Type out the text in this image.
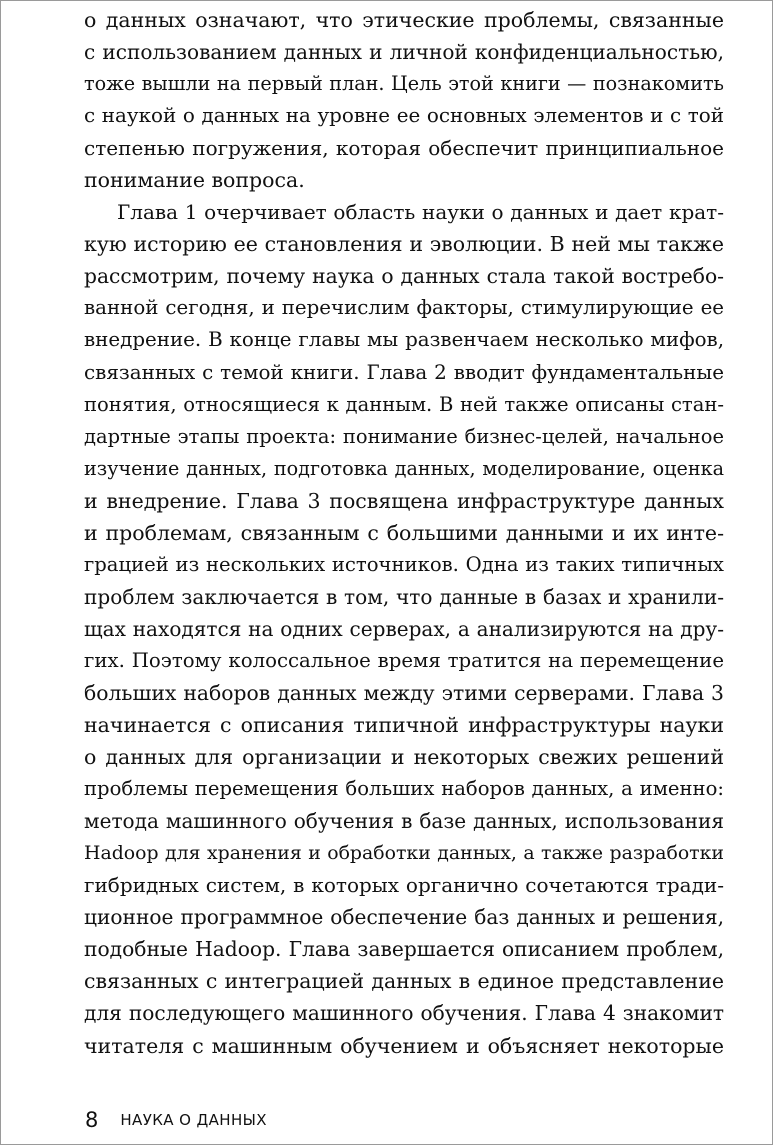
о данных означают, что этические проблемы, связанные
с использованием данных и личной конфиденциальностью,
тоже вышли на первый план. Цель этой книги — познакомить
с наукой о данных на уровне ее основных элементов и с той
степенью погружения, которая обеспечит принципиальное
понимание вопроса.
Глава 1 очерчивает область науки о данных и дает крат-
кую историю ее становления и эволюции. В ней мы также
рассмотрим, почему наука о данных стала такой востребо-
ванной сегодня, и перечислим факторы, стимулирующие ее
внедрение. В конце главы мы развенчаем несколько мифов,
связанных с темой книги. Глава 2 вводит фундаментальные
понятия, относящиеся к данным. В ней также описаны стан-
дартные этапы проекта: понимание бизнес-целей, начальное
изучение данных, подготовка данных, моделирование, оценка
и внедрение. Глава 3 посвящена инфраструктуре данных
и проблемам, связанным с большими данными и их инте-
грацией из нескольких источников. Одна из таких типичных
проблем заключается в том, что данные в базах и хранили-
щах находятся на одних серверах, а анализируются на дру-
гих. Поэтому колоссальное время тратится на перемещение
больших наборов данных между этими серверами. Глава 3
начинается с описания типичной инфраструктуры науки
о данных для организации и некоторых свежих решений
проблемы перемещения больших наборов данных, а именно:
метода машинного обучения в базе данных, использования
Hadoop для хранения и обработки данных, а также разработки
гибридных систем, в которых органично сочетаются тради-
ционное программное обеспечение баз данных и решения,
подобные Hadoop. Глава завершается описанием проблем,
связанных с интеграцией данных в единое представление
для последующего машинного обучения. Глава 4 знакомит
читателя с машинным обучением и объясняет некоторые
8 НАУКА О ДАННЫХ
